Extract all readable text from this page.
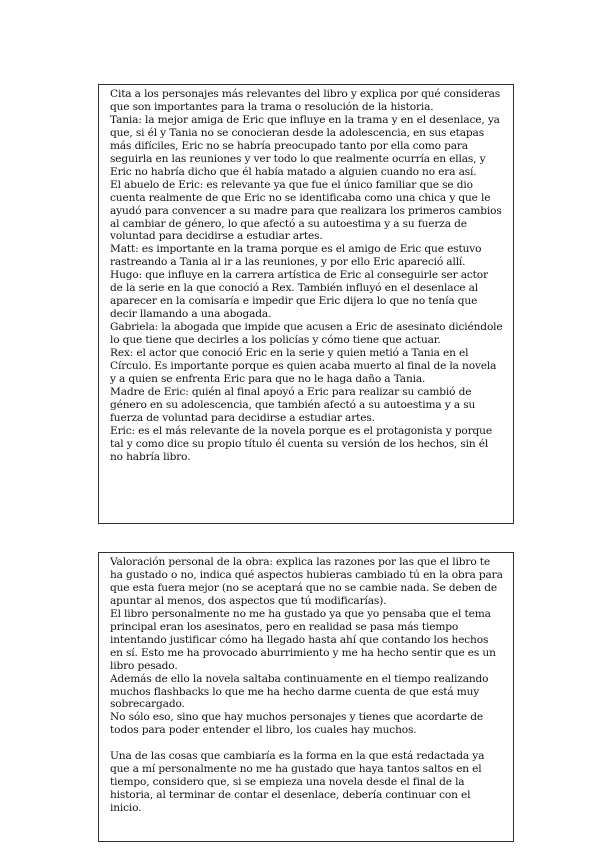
Cita a los personajes más relevantes del libro y explica por qué consideras que son importantes para la trama o resolución de la historia.

Tania: la mejor amiga de Eric que influye en la trama y en el desenlace, ya que, si él y Tania no se conocieran desde la adolescencia, en sus etapas más difíciles, Eric no se habría preocupado tanto por ella como para seguirla en las reuniones y ver todo lo que realmente ocurría en ellas, y Eric no habría dicho que él había matado a alguien cuando no era así.

El abuelo de Eric: es relevante ya que fue el único familiar que se dio cuenta realmente de que Eric no se identificaba como una chica y que le ayudó para convencer a su madre para que realizara los primeros cambios al cambiar de género, lo que afectó a su autoestima y a su fuerza de voluntad para decidirse a estudiar artes.

Matt: es importante en la trama porque es el amigo de Eric que estuvo rastreando a Tania al ir a las reuniones, y por ello Eric apareció allí.

Hugo: que influye en la carrera artística de Eric al conseguirle ser actor de la serie en la que conoció a Rex. También influyó en el desenlace al aparecer en la comisaría e impedir que Eric dijera lo que no tenía que decir llamando a una abogada.

Gabriela: la abogada que impide que acusen a Eric de asesinato diciéndole lo que tiene que decirles a los policías y cómo tiene que actuar.

Rex: el actor que conoció Eric en la serie y quien metió a Tania en el Círculo. Es importante porque es quien acaba muerto al final de la novela y a quien se enfrenta Eric para que no le haga daño a Tania.

Madre de Eric: quién al final apoyó a Eric para realizar su cambió de género en su adolescencia, que también afectó a su autoestima y a su fuerza de voluntad para decidirse a estudiar artes.

Eric: es el más relevante de la novela porque es el protagonista y porque tal y como dice su propio título él cuenta su versión de los hechos, sin él no habría libro.

Valoración personal de la obra: explica las razones por las que el libro te ha gustado o no, indica qué aspectos hubieras cambiado tú en la obra para que esta fuera mejor (no se aceptará que no se cambie nada. Se deben de apuntar al menos, dos aspectos que tú modificarías).

El libro personalmente no me ha gustado ya que yo pensaba que el tema principal eran los asesinatos, pero en realidad se pasa más tiempo intentando justificar cómo ha llegado hasta ahí que contando los hechos en sí. Esto me ha provocado aburrimiento y me ha hecho sentir que es un libro pesado.

Además de ello la novela saltaba continuamente en el tiempo realizando muchos flashbacks lo que me ha hecho darme cuenta de que está muy sobrecargado.

No sólo eso, sino que hay muchos personajes y tienes que acordarte de todos para poder entender el libro, los cuales hay muchos.

Una de las cosas que cambiaría es la forma en la que está redactada ya que a mí personalmente no me ha gustado que haya tantos saltos en el tiempo, considero que, si se empieza una novela desde el final de la historia, al terminar de contar el desenlace, debería continuar con el inicio.
